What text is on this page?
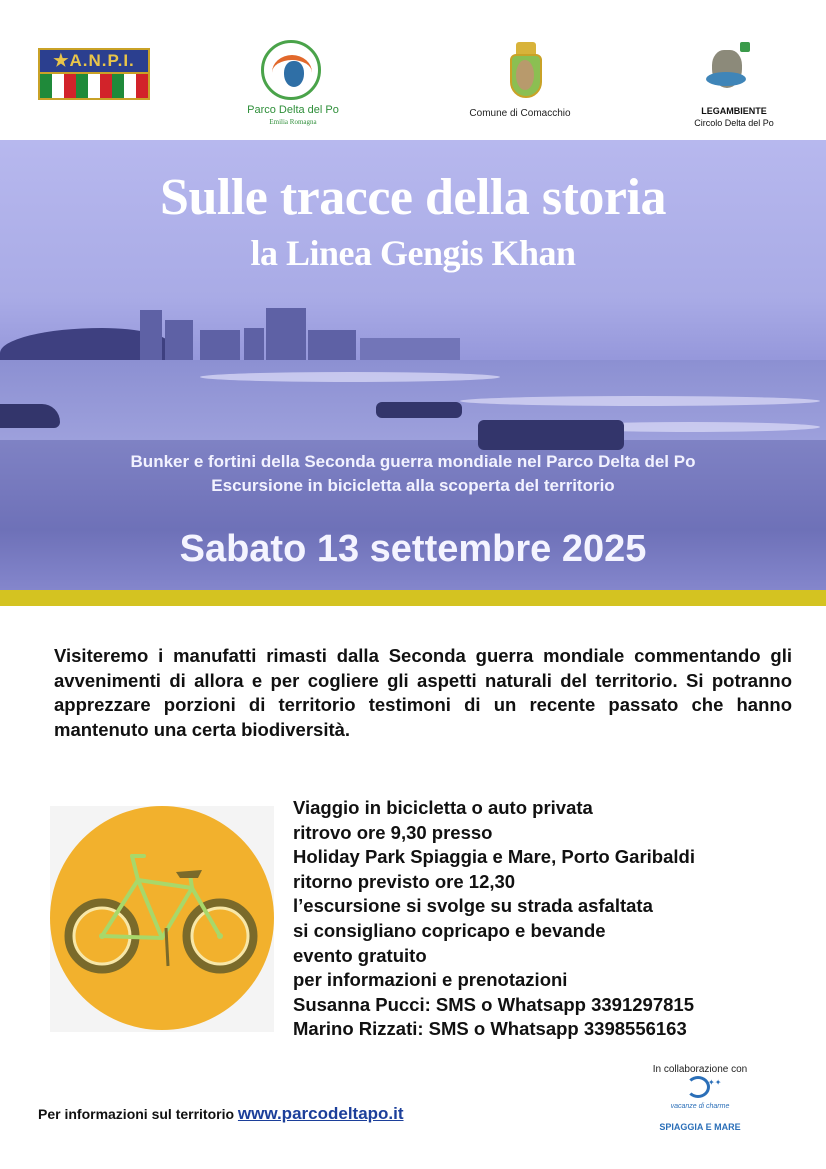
★A.N.P.I.
Parco Delta del Po
Emilia Romagna
Comune di Comacchio	LEGAMBIENTE
Circolo Delta del Po
Sulle tracce della storia
la Linea Gengis Khan
Bunker e fortini della Seconda guerra mondiale nel Parco Delta del Po
Escursione in bicicletta alla scoperta del territorio
Sabato 13 settembre 2025
Visiteremo i manufatti rimasti dalla Seconda guerra mondiale commentando gli avvenimenti di allora e per cogliere gli aspetti naturali del territorio. Si potranno apprezzare porzioni di territorio testimoni di un recente passato che hanno mantenuto una certa biodiversità.
Viaggio in bicicletta o auto privata
ritrovo ore 9,30 presso
Holiday Park Spiaggia e Mare, Porto Garibaldi
ritorno previsto ore 12,30
l’escursione si svolge su strada asfaltata
si consigliano copricapo e bevande
evento gratuito
per informazioni e prenotazioni
Susanna Pucci: SMS o Whatsapp 3391297815
Marino Rizzati: SMS o Whatsapp 3398556163
Per informazioni sul territorio www.parcodeltapo.it
In collaborazione con
✦✦
vacanze di charme
SPIAGGIA E MARE
